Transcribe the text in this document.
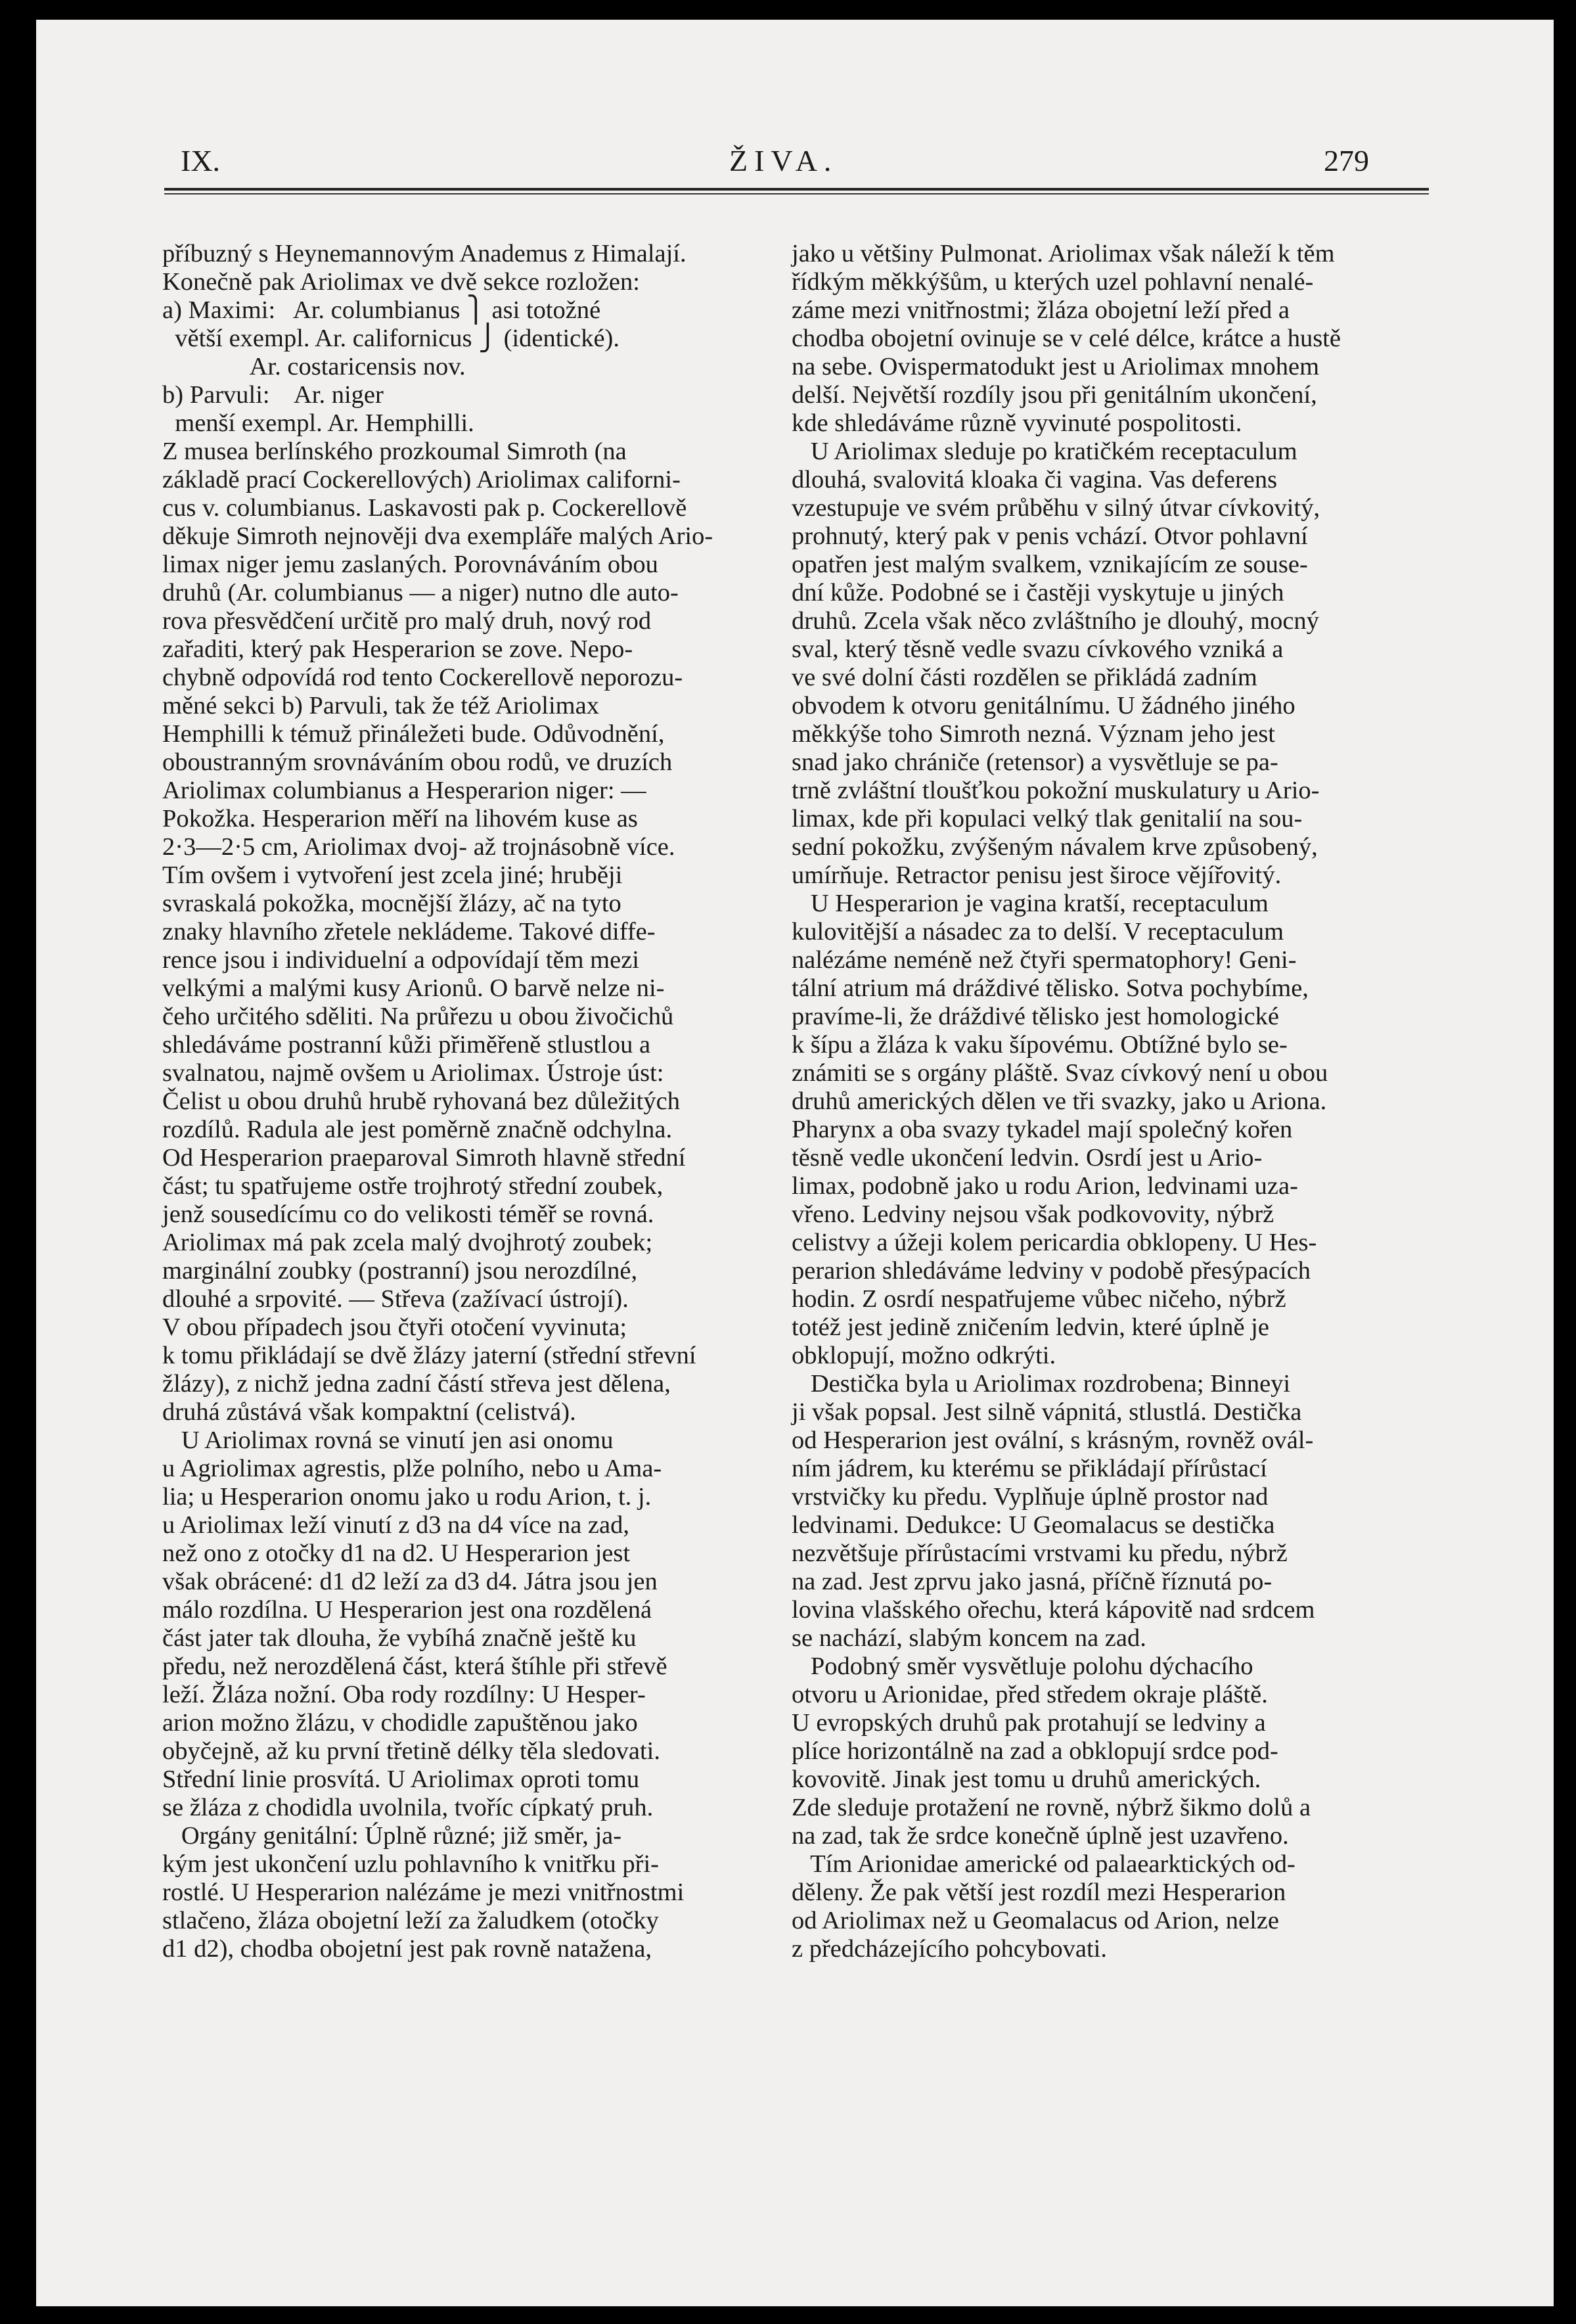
IX.	ŽIVA.	279
příbuzný s Heynemannovým Anademus z Himalají.
Konečně pak Ariolimax ve dvě sekce rozložen:
a) Maximi:   Ar. columbianus ⎫ asi totožné
větší exempl. Ar. californicus ⎭ (identické).
Ar. costaricensis nov.
b) Parvuli:    Ar. niger
menší exempl. Ar. Hemphilli.
Z musea berlínského prozkoumal Simroth (na
základě prací Cockerellových) Ariolimax californi-
cus v. columbianus. Laskavosti pak p. Cockerellově
děkuje Simroth nejnověji dva exempláře malých Ario-
limax niger jemu zaslaných. Porovnáváním obou
druhů (Ar. columbianus — a niger) nutno dle auto-
rova přesvědčení určitě pro malý druh, nový rod
zařaditi, který pak Hesperarion se zove. Nepo-
chybně odpovídá rod tento Cockerellově neporozu-
měné sekci b) Parvuli, tak že též Ariolimax
Hemphilli k témuž přináležeti bude. Odůvodnění,
oboustranným srovnáváním obou rodů, ve druzích
Ariolimax columbianus a Hesperarion niger: —
Pokožka. Hesperarion měří na lihovém kuse as
2·3—2·5 cm, Ariolimax dvoj- až trojnásobně více.
Tím ovšem i vytvoření jest zcela jiné; hruběji
svraskalá pokožka, mocnější žlázy, ač na tyto
znaky hlavního zřetele nekládeme. Takové diffe-
rence jsou i individuelní a odpovídají těm mezi
velkými a malými kusy Arionů. O barvě nelze ni-
čeho určitého sděliti. Na průřezu u obou živočichů
shledáváme postranní kůži přiměřeně stlustlou a
svalnatou, najmě ovšem u Ariolimax. Ústroje úst:
Čelist u obou druhů hrubě ryhovaná bez důležitých
rozdílů. Radula ale jest poměrně značně odchylna.
Od Hesperarion praeparoval Simroth hlavně střední
část; tu spatřujeme ostře trojhrotý střední zoubek,
jenž sousedícímu co do velikosti téměř se rovná.
Ariolimax má pak zcela malý dvojhrotý zoubek;
marginální zoubky (postranní) jsou nerozdílné,
dlouhé a srpovité. — Střeva (zažívací ústrojí).
V obou případech jsou čtyři otočení vyvinuta;
k tomu přikládají se dvě žlázy jaterní (střední střevní
žlázy), z nichž jedna zadní částí střeva jest dělena,
druhá zůstává však kompaktní (celistvá).
U Ariolimax rovná se vinutí jen asi onomu
u Agriolimax agrestis, plže polního, nebo u Ama-
lia; u Hesperarion onomu jako u rodu Arion, t. j.
u Ariolimax leží vinutí z d3 na d4 více na zad,
než ono z otočky d1 na d2. U Hesperarion jest
však obrácené: d1 d2 leží za d3 d4. Játra jsou jen
málo rozdílna. U Hesperarion jest ona rozdělená
část jater tak dlouha, že vybíhá značně ještě ku
předu, než nerozdělená část, která štíhle při střevě
leží. Žláza nožní. Oba rody rozdílny: U Hesper-
arion možno žlázu, v chodidle zapuštěnou jako
obyčejně, až ku první třetině délky těla sledovati.
Střední linie prosvítá. U Ariolimax oproti tomu
se žláza z chodidla uvolnila, tvoříc cípkatý pruh.
Orgány genitální: Úplně různé; již směr, ja-
kým jest ukončení uzlu pohlavního k vnitřku při-
rostlé. U Hesperarion nalézáme je mezi vnitřnostmi
stlačeno, žláza obojetní leží za žaludkem (otočky
d1 d2), chodba obojetní jest pak rovně natažena,
jako u většiny Pulmonat. Ariolimax však náleží k těm
řídkým měkkýšům, u kterých uzel pohlavní nenalé-
záme mezi vnitřnostmi; žláza obojetní leží před a
chodba obojetní ovinuje se v celé délce, krátce a hustě
na sebe. Ovispermatodukt jest u Ariolimax mnohem
delší. Největší rozdíly jsou při genitálním ukončení,
kde shledáváme různě vyvinuté pospolitosti.
U Ariolimax sleduje po kratičkém receptaculum
dlouhá, svalovitá kloaka či vagina. Vas deferens
vzestupuje ve svém průběhu v silný útvar cívkovitý,
prohnutý, který pak v penis vchází. Otvor pohlavní
opatřen jest malým svalkem, vznikajícím ze souse-
dní kůže. Podobné se i častěji vyskytuje u jiných
druhů. Zcela však něco zvláštního je dlouhý, mocný
sval, který těsně vedle svazu cívkového vzniká a
ve své dolní části rozdělen se přikládá zadním
obvodem k otvoru genitálnímu. U žádného jiného
měkkýše toho Simroth nezná. Význam jeho jest
snad jako chrániče (retensor) a vysvětluje se pa-
trně zvláštní tloušťkou pokožní muskulatury u Ario-
limax, kde při kopulaci velký tlak genitalií na sou-
sední pokožku, zvýšeným návalem krve způsobený,
umírňuje. Retractor penisu jest široce vějířovitý.
U Hesperarion je vagina kratší, receptaculum
kulovitější a násadec za to delší. V receptaculum
nalézáme neméně než čtyři spermatophory! Geni-
tální atrium má dráždivé tělisko. Sotva pochybíme,
pravíme-li, že dráždivé tělisko jest homologické
k šípu a žláza k vaku šípovému. Obtížné bylo se-
známiti se s orgány pláště. Svaz cívkový není u obou
druhů amerických dělen ve tři svazky, jako u Ariona.
Pharynx a oba svazy tykadel mají společný kořen
těsně vedle ukončení ledvin. Osrdí jest u Ario-
limax, podobně jako u rodu Arion, ledvinami uza-
vřeno. Ledviny nejsou však podkovovity, nýbrž
celistvy a úžeji kolem pericardia obklopeny. U Hes-
perarion shledáváme ledviny v podobě přesýpacích
hodin. Z osrdí nespatřujeme vůbec ničeho, nýbrž
totéž jest jedině zničením ledvin, které úplně je
obklopují, možno odkrýti.
Destička byla u Ariolimax rozdrobena; Binneyi
ji však popsal. Jest silně vápnitá, stlustlá. Destička
od Hesperarion jest ovální, s krásným, rovněž ovál-
ním jádrem, ku kterému se přikládají přírůstací
vrstvičky ku předu. Vyplňuje úplně prostor nad
ledvinami. Dedukce: U Geomalacus se destička
nezvětšuje přírůstacími vrstvami ku předu, nýbrž
na zad. Jest zprvu jako jasná, příčně říznutá po-
lovina vlašského ořechu, která kápovitě nad srdcem
se nachází, slabým koncem na zad.
Podobný směr vysvětluje polohu dýchacího
otvoru u Arionidae, před středem okraje pláště.
U evropských druhů pak protahují se ledviny a
plíce horizontálně na zad a obklopují srdce pod-
kovovitě. Jinak jest tomu u druhů amerických.
Zde sleduje protažení ne rovně, nýbrž šikmo dolů a
na zad, tak že srdce konečně úplně jest uzavřeno.
Tím Arionidae americké od palaearktických od-
děleny. Že pak větší jest rozdíl mezi Hesperarion
od Ariolimax než u Geomalacus od Arion, nelze
z předcházejícího pohcybovati.
